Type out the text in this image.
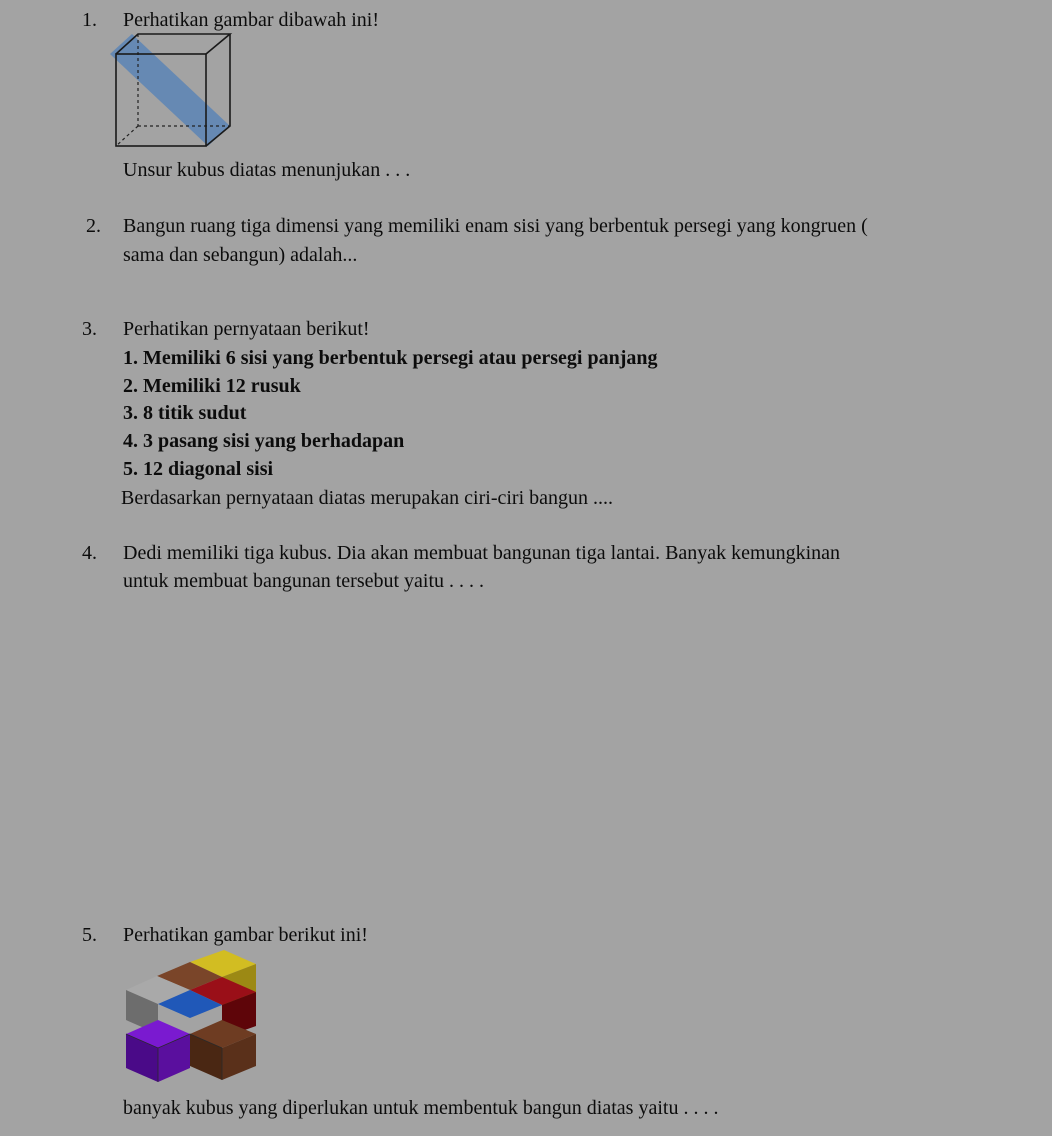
1. Perhatikan gambar dibawah ini!
Unsur kubus diatas menunjukan . . .
2. Bangun ruang tiga dimensi yang memiliki enam sisi yang berbentuk persegi yang kongruen (
sama dan sebangun) adalah...
3. Perhatikan pernyataan berikut!
1. Memiliki 6 sisi yang berbentuk persegi atau persegi panjang
2. Memiliki 12 rusuk
3. 8 titik sudut
4. 3 pasang sisi yang berhadapan
5. 12 diagonal sisi
Berdasarkan pernyataan diatas merupakan ciri-ciri bangun ....
4. Dedi memiliki tiga kubus. Dia akan membuat bangunan tiga lantai. Banyak kemungkinan
untuk membuat bangunan tersebut yaitu . . . .
5. Perhatikan gambar berikut ini!
banyak kubus yang diperlukan untuk membentuk bangun diatas yaitu . . . .
